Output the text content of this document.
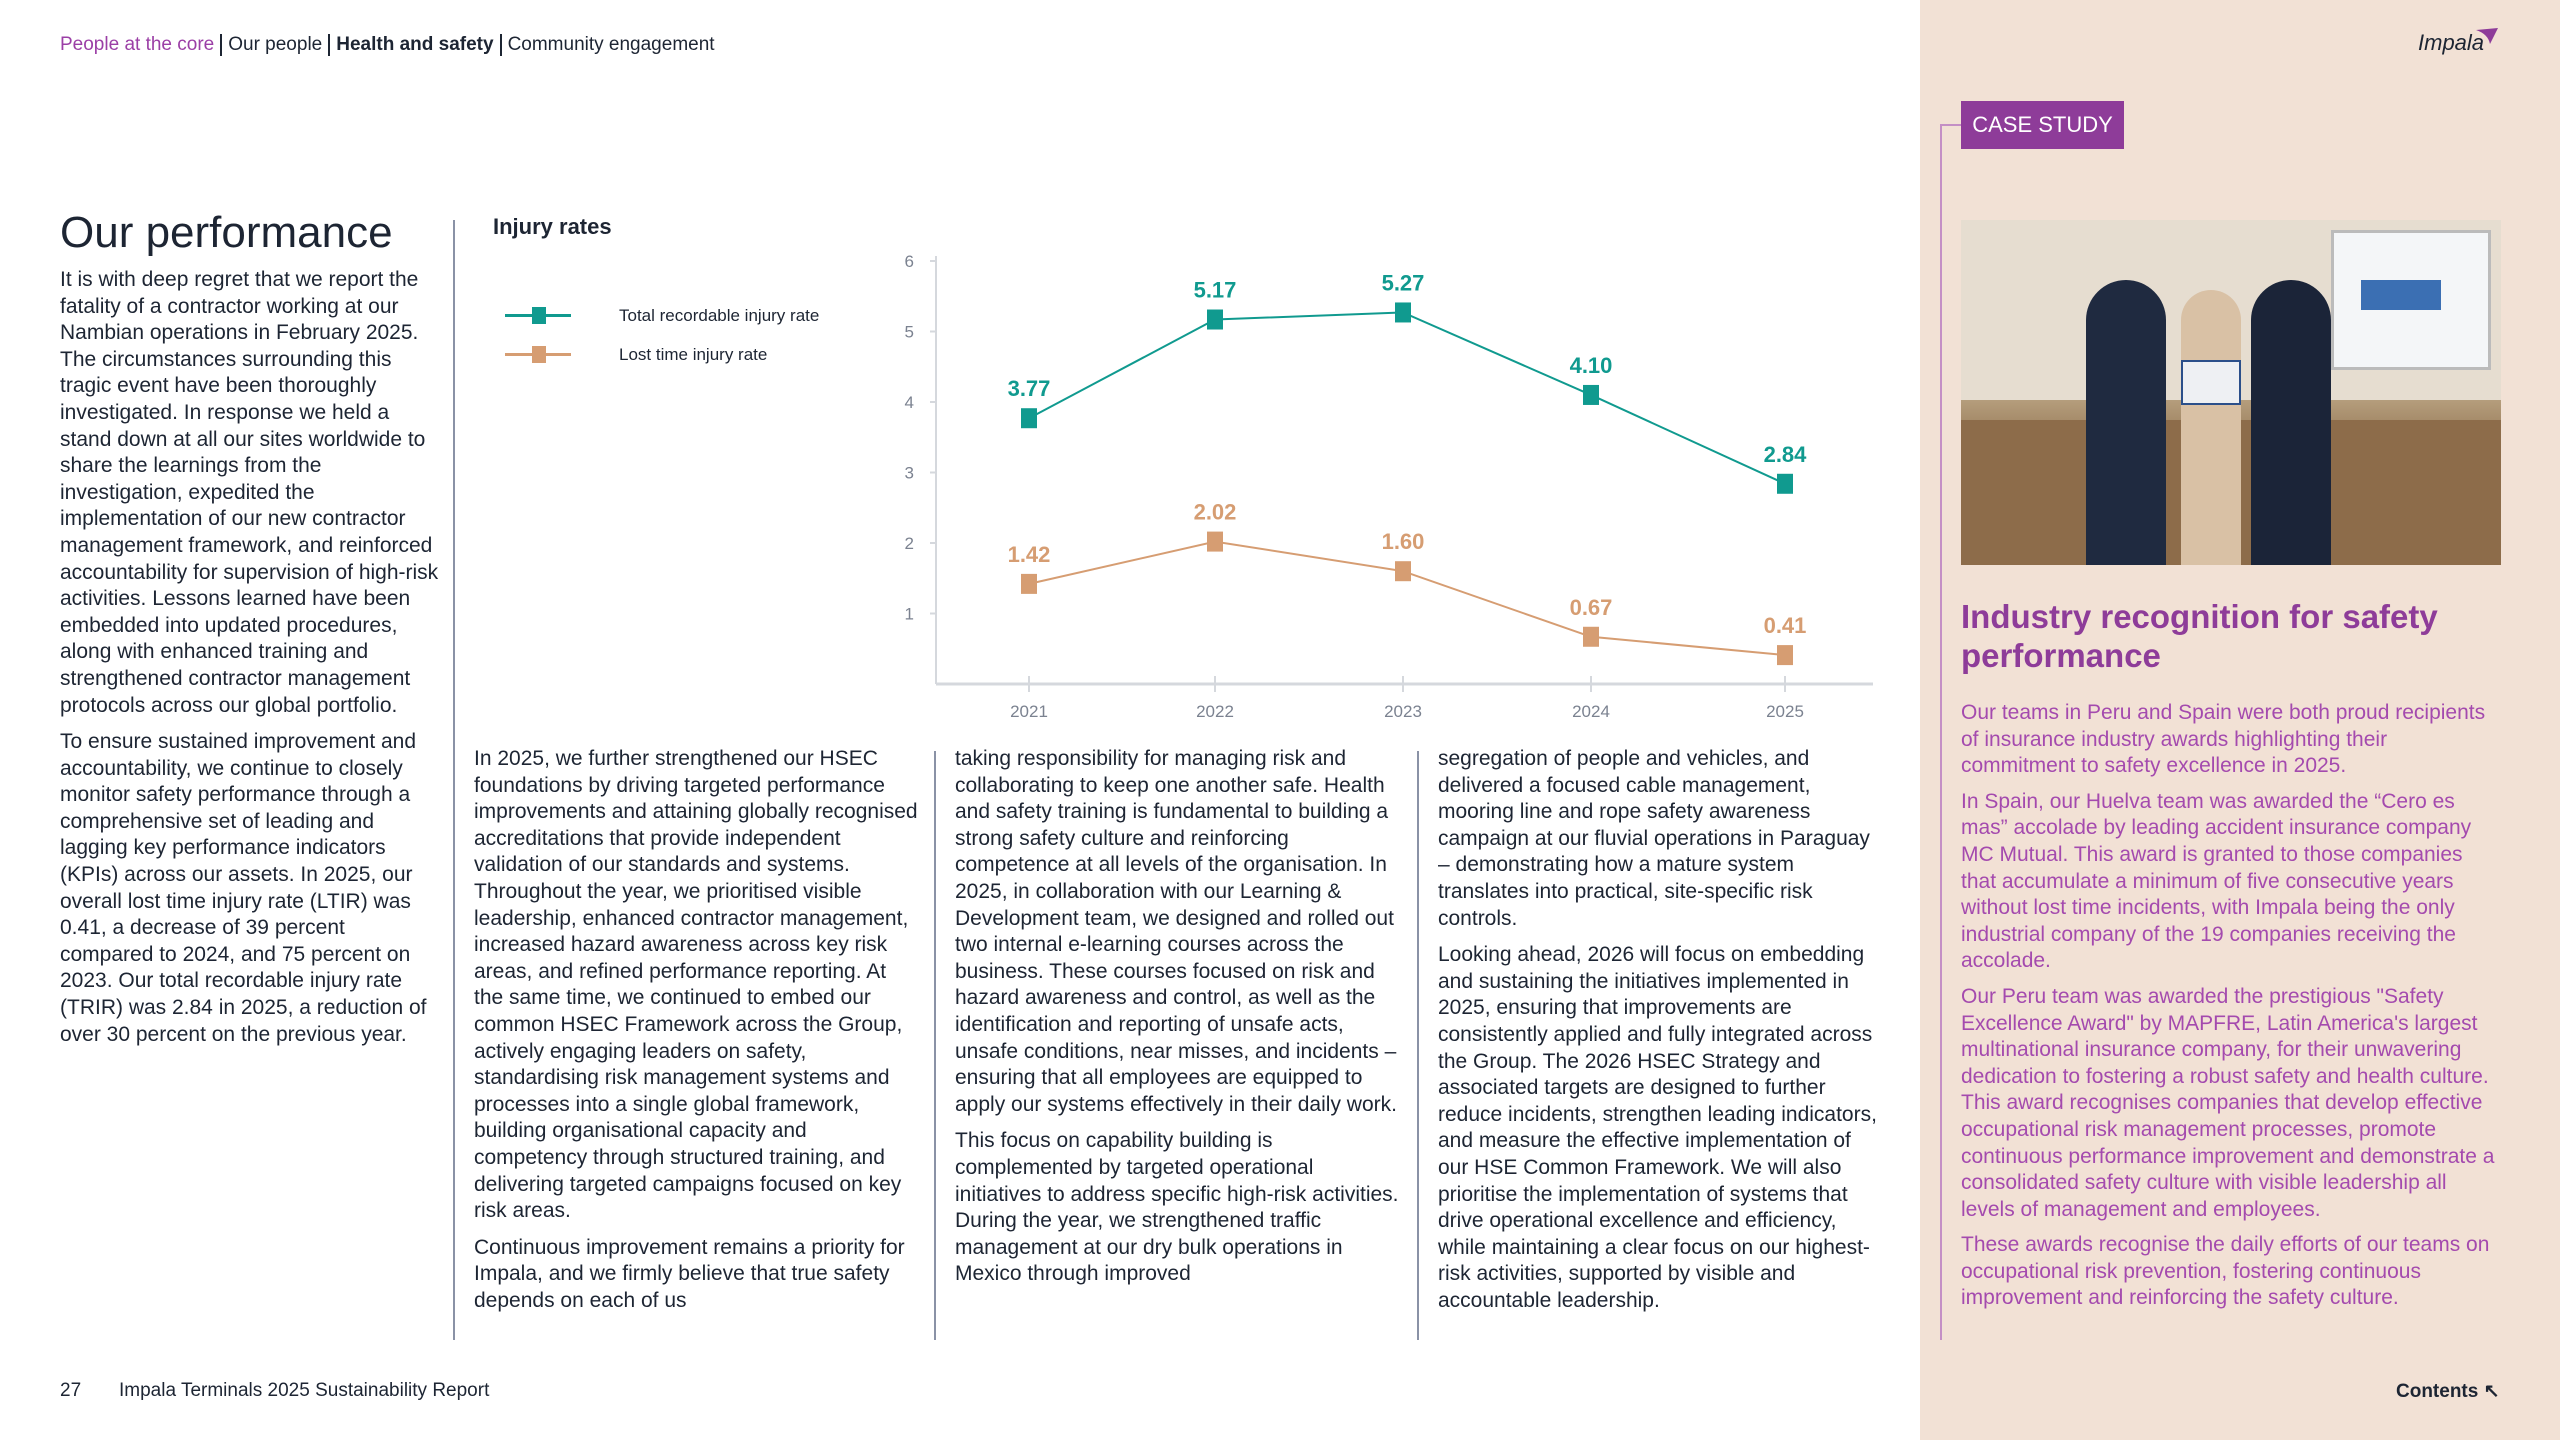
People at the core Our people Health and safety Community engagement
Our performance

It is with deep regret that we report the fatality of a contractor working at our Nambian operations in February 2025. The circumstances surrounding this tragic event have been thoroughly investigated. In response we held a stand down at all our sites worldwide to share the learnings from the investigation, expedited the implementation of our new contractor management framework, and reinforced accountability for supervision of high-risk activities. Lessons learned have been embedded into updated procedures, along with enhanced training and strengthened contractor management protocols across our global portfolio.

To ensure sustained improvement and accountability, we continue to closely monitor safety performance through a comprehensive set of leading and lagging key performance indicators (KPIs) across our assets. In 2025, our overall lost time injury rate (LTIR) was 0.41, a decrease of 39 percent compared to 2024, and 75 percent on 2023. Our total recordable injury rate (TRIR) was 2.84 in 2025, a reduction of over 30 percent on the previous year.

Injury rates
Total recordable injury rate
Lost time injury rate
1
2
3
4
5
6
2021	2022	2023	2024	2025
3.77
5.17	5.27
4.10
2.84
1.42
2.02
1.60
0.67
0.41

In 2025, we further strengthened our HSEC foundations by driving targeted performance improvements and attaining globally recognised accreditations that provide independent validation of our standards and systems. Throughout the year, we prioritised visible leadership, enhanced contractor management, increased hazard awareness across key risk areas, and refined performance reporting. At the same time, we continued to embed our common HSEC Framework across the Group, actively engaging leaders on safety, standardising risk management systems and processes into a single global framework, building organisational capacity and competency through structured training, and delivering targeted campaigns focused on key risk areas.

Continuous improvement remains a priority for Impala, and we firmly believe that true safety depends on each of us

taking responsibility for managing risk and collaborating to keep one another safe. Health and safety training is fundamental to building a strong safety culture and reinforcing competence at all levels of the organisation. In 2025, in collaboration with our Learning & Development team, we designed and rolled out two internal e-learning courses across the business. These courses focused on risk and hazard awareness and control, as well as the identification and reporting of unsafe acts, unsafe conditions, near misses, and incidents – ensuring that all employees are equipped to apply our systems effectively in their daily work.

This focus on capability building is complemented by targeted operational initiatives to address specific high-risk activities. During the year, we strengthened traffic management at our dry bulk operations in Mexico through improved

segregation of people and vehicles, and delivered a focused cable management, mooring line and rope safety awareness campaign at our fluvial operations in Paraguay – demonstrating how a mature system translates into practical, site-specific risk controls.

Looking ahead, 2026 will focus on embedding and sustaining the initiatives implemented in 2025, ensuring that improvements are consistently applied and fully integrated across the Group. The 2026 HSEC Strategy and associated targets are designed to further reduce incidents, strengthen leading indicators, and measure the effective implementation of our HSE Common Framework. We will also prioritise the implementation of systems that drive operational excellence and efficiency, while maintaining a clear focus on our highest-risk activities, supported by visible and accountable leadership.

Impala
CASE STUDY
Industry recognition for safety performance

Our teams in Peru and Spain were both proud recipients of insurance industry awards highlighting their commitment to safety excellence in 2025.

In Spain, our Huelva team was awarded the “Cero es mas” accolade by leading accident insurance company MC Mutual. This award is granted to those companies that accumulate a minimum of five consecutive years without lost time incidents, with Impala being the only industrial company of the 19 companies receiving the accolade.

Our Peru team was awarded the prestigious "Safety Excellence Award" by MAPFRE, Latin America's largest multinational insurance company, for their unwavering dedication to fostering a robust safety and health culture. This award recognises companies that develop effective occupational risk management processes, promote continuous performance improvement and demonstrate a consolidated safety culture with visible leadership all levels of management and employees.

These awards recognise the daily efforts of our teams on occupational risk prevention, fostering continuous improvement and reinforcing the safety culture.

27 Impala Terminals 2025 Sustainability Report	Contents ↖
